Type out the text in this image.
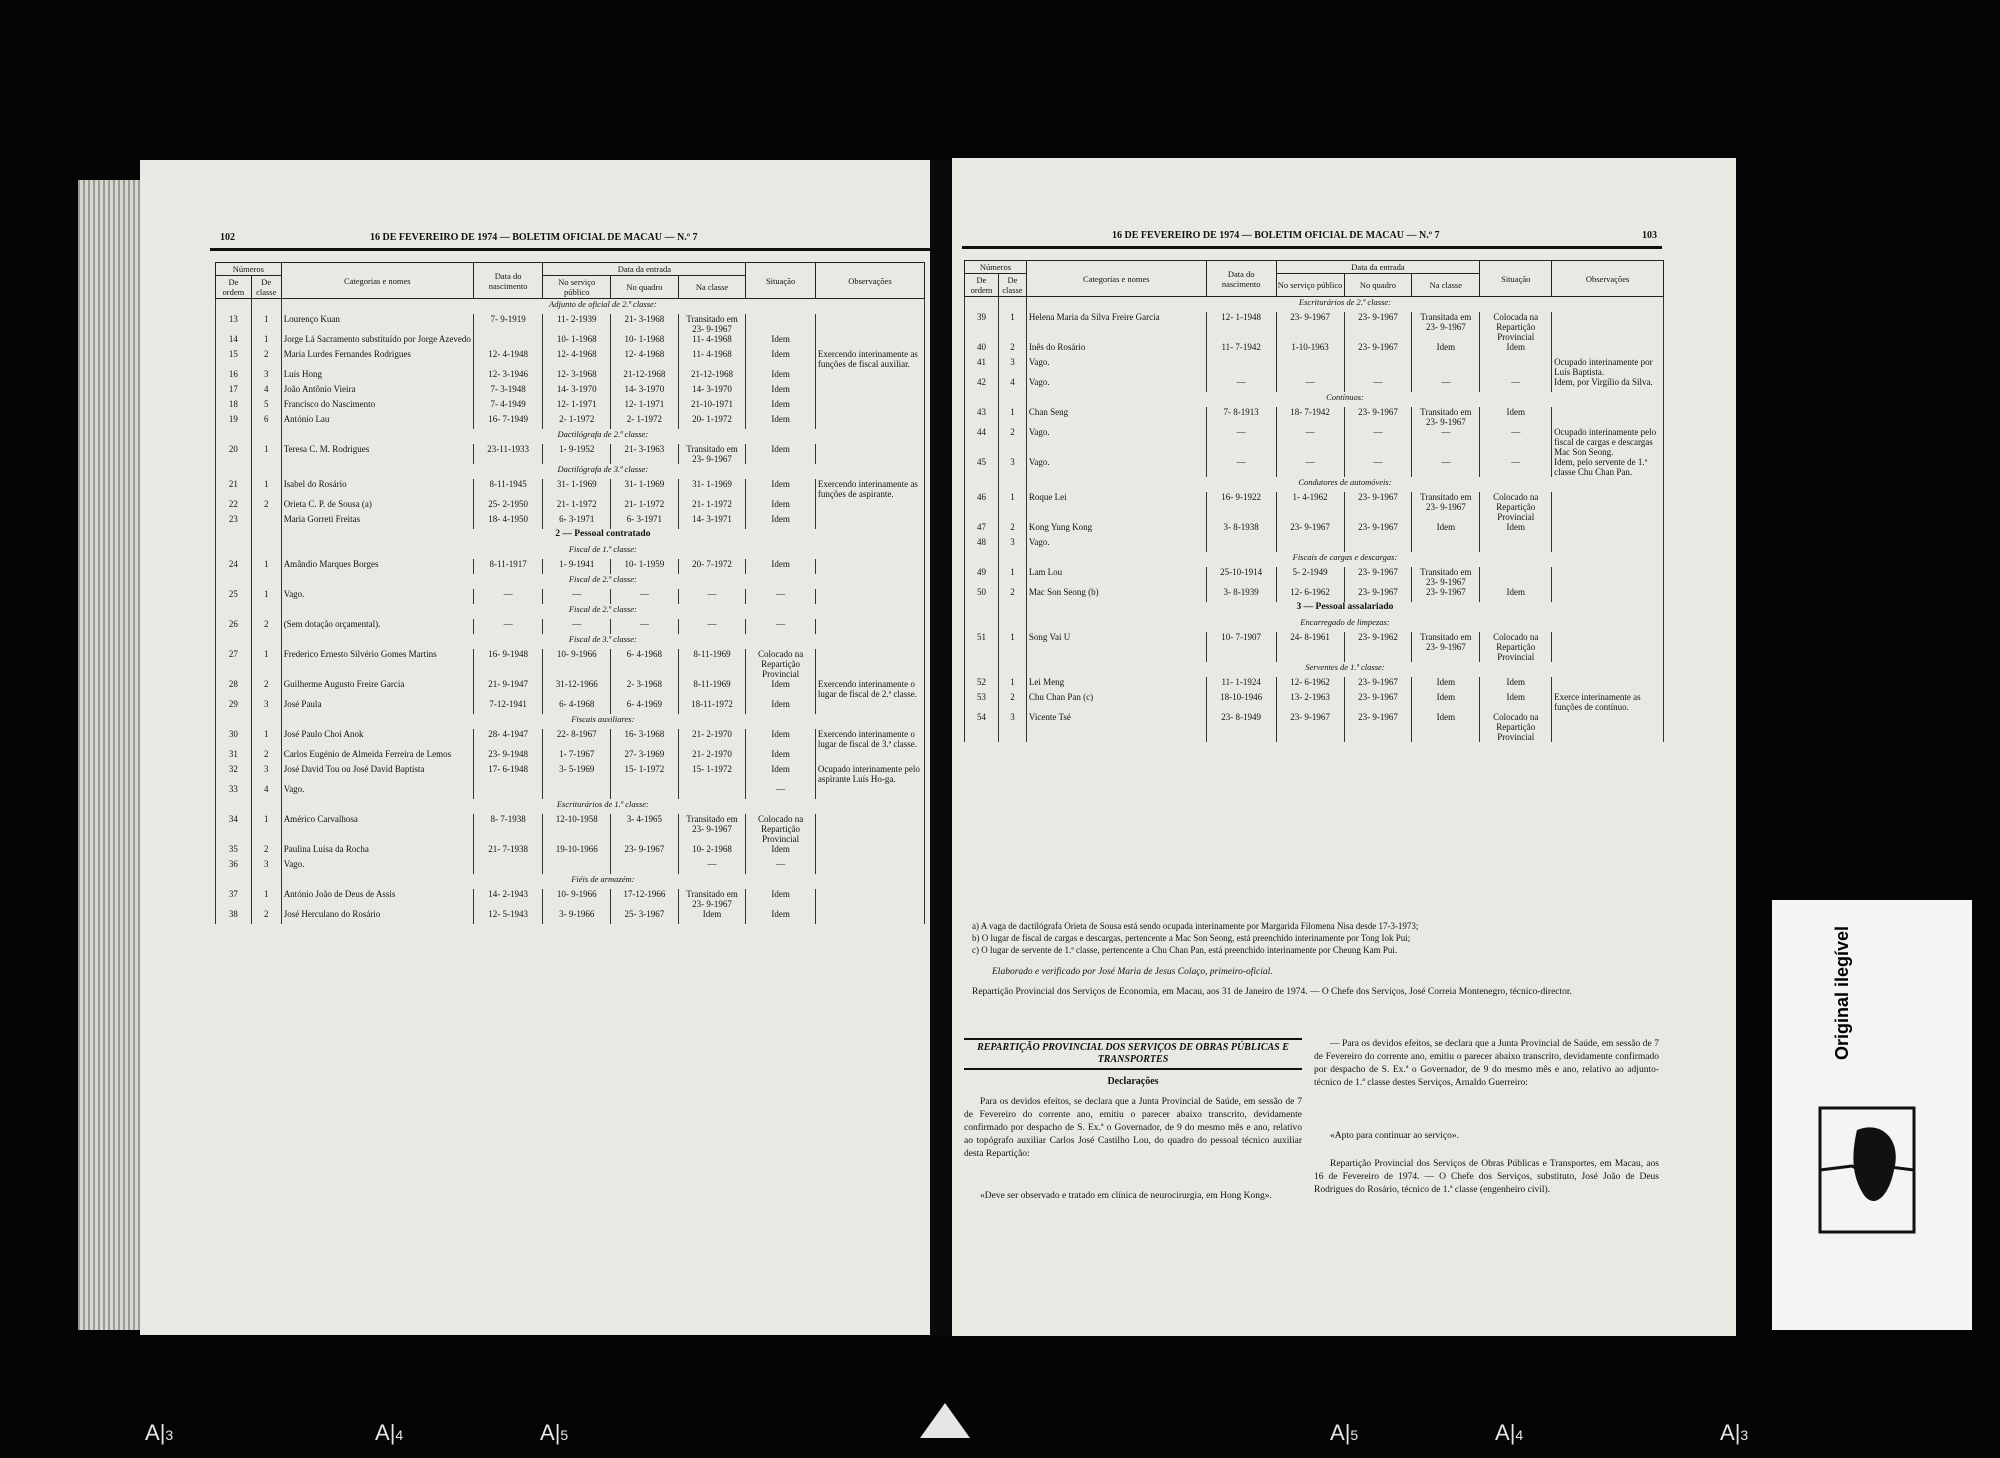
102	16 DE FEVEREIRO DE 1974 — BOLETIM OFICIAL DE MACAU — N.º 7
Números		Categorias e nomes	Data do nascimento	Data da entrada			Situação	Observações
De ordem	De classe			No serviço público	No quadro	Na classe		
		Adjunto de oficial de 2.ª classe:						
13	1	Lourenço Kuan	7- 9-1919	11- 2-1939	21- 3-1968	Transitado em 23- 9-1967		
14	1	Jorge Lá Sacramento substituído por Jorge Azevedo		10- 1-1968	10- 1-1968	11- 4-1968	Idem	
15	2	Maria Lurdes Fernandes Rodrigues	12- 4-1948	12- 4-1968	12- 4-1968	11- 4-1968	Idem	Exercendo interinamente as funções de fiscal auxiliar.
16	3	Luís Hong	12- 3-1946	12- 3-1968	21-12-1968	21-12-1968	Idem	
17	4	João Antônio Vieira	7- 3-1948	14- 3-1970	14- 3-1970	14- 3-1970	Idem	
18	5	Francisco do Nascimento	7- 4-1949	12- 1-1971	12- 1-1971	21-10-1971	Idem	
19	6	António Lau	16- 7-1949	2- 1-1972	2- 1-1972	20- 1-1972	Idem	
		Dactilógrafa de 2.ª classe:						
20	1	Teresa C. M. Rodrigues	23-11-1933	1- 9-1952	21- 3-1963	Transitado em 23- 9-1967	Idem	
		Dactilógrafa de 3.ª classe:						
21	1	Isabel do Rosário	8-11-1945	31- 1-1969	31- 1-1969	31- 1-1969	Idem	Exercendo interinamente as funções de aspirante.
22	2	Orieta C. P. de Sousa (a)	25- 2-1950	21- 1-1972	21- 1-1972	21- 1-1972	Idem	
23		Maria Gorreti Freitas	18- 4-1950	6- 3-1971	6- 3-1971	14- 3-1971	Idem	
		2 — Pessoal contratado						
		Fiscal de 1.ª classe:						
24	1	Amândio Marques Borges	8-11-1917	1- 9-1941	10- 1-1959	20- 7-1972	Idem	
		Fiscal de 2.ª classe:						
25	1	Vago.	—	—	—	—	—	
		Fiscal de 2.ª classe:						
26	2	(Sem dotação orçamental).	—	—	—	—	—	
		Fiscal de 3.ª classe:						
27	1	Frederico Ernesto Silvério Gomes Martins	16- 9-1948	10- 9-1966	6- 4-1968	8-11-1969	Colocado na Repartição Provincial	
28	2	Guilherme Augusto Freire Garcia	21- 9-1947	31-12-1966	2- 3-1968	8-11-1969	Idem	Exercendo interinamente o lugar de fiscal de 2.ª classe.
29	3	José Paula	7-12-1941	6- 4-1968	6- 4-1969	18-11-1972	Idem	
		Fiscais auxiliares:						
30	1	José Paulo Choi Anok	28- 4-1947	22- 8-1967	16- 3-1968	21- 2-1970	Idem	Exercendo interinamente o lugar de fiscal de 3.ª classe.
31	2	Carlos Eugénio de Almeida Ferreira de Lemos	23- 9-1948	1- 7-1967	27- 3-1969	21- 2-1970	Idem	
32	3	José David Tou ou José David Baptista	17- 6-1948	3- 5-1969	15- 1-1972	15- 1-1972	Idem	Ocupado interinamente pelo aspirante Luís Ho-ga.
33	4	Vago.					—	
		Escriturários de 1.ª classe:						
34	1	Américo Carvalhosa	8- 7-1938	12-10-1958	3- 4-1965	Transitado em 23- 9-1967	Colocado na Repartição Provincial	
35	2	Paulina Luísa da Rocha	21- 7-1938	19-10-1966	23- 9-1967	10- 2-1968	Idem	
36	3	Vago.				—	—	
		Fiéis de armazém:						
37	1	António João de Deus de Assis	14- 2-1943	10- 9-1966	17-12-1966	Transitado em 23- 9-1967	Idem	
38	2	José Herculano do Rosário	12- 5-1943	3- 9-1966	25- 3-1967	Idem	Idem	
16 DE FEVEREIRO DE 1974 — BOLETIM OFICIAL DE MACAU — N.º 7	103
Números		Categorias e nomes	Data do nascimento	Data da entrada			Situação	Observações
De ordem	De classe			No serviço público	No quadro	Na classe		
		Escriturários de 2.ª classe:						
39	1	Helena Maria da Silva Freire Garcia	12- 1-1948	23- 9-1967	23- 9-1967	Transitada em 23- 9-1967	Colocada na Repartição Provincial	
40	2	Inês do Rosário	11- 7-1942	1-10-1963	23- 9-1967	Idem	Idem	
41	3	Vago.						Ocupado interinamente por Luís Baptista.
42	4	Vago.	—	—	—	—	—	Idem, por Virgílio da Silva.
		Contínuos:						
43	1	Chan Seng	7- 8-1913	18- 7-1942	23- 9-1967	Transitado em 23- 9-1967	Idem	
44	2	Vago.	—	—	—	—	—	Ocupado interinamente pelo fiscal de cargas e descargas Mac Son Seong.
45	3	Vago.	—	—	—	—	—	Idem, pelo servente de 1.ª classe Chu Chan Pan.
		Condutores de automóveis:						
46	1	Roque Lei	16- 9-1922	1- 4-1962	23- 9-1967	Transitado em 23- 9-1967	Colocado na Repartição Provincial	
47	2	Kong Yung Kong	3- 8-1938	23- 9-1967	23- 9-1967	Idem	Idem	
48	3	Vago.						
		Fiscais de cargas e descargas:						
49	1	Lam Lou	25-10-1914	5- 2-1949	23- 9-1967	Transitado em 23- 9-1967		
50	2	Mac Son Seong (b)	3- 8-1939	12- 6-1962	23- 9-1967	23- 9-1967	Idem	
		3 — Pessoal assalariado						
		Encarregado de limpezas:						
51	1	Song Vai U	10- 7-1907	24- 8-1961	23- 9-1962	Transitado em 23- 9-1967	Colocado na Repartição Provincial	
		Serventes de 1.ª classe:						
52	1	Lei Meng	11- 1-1924	12- 6-1962	23- 9-1967	Idem	Idem	
53	2	Chu Chan Pan (c)	18-10-1946	13- 2-1963	23- 9-1967	Idem	Idem	Exerce interinamente as funções de contínuo.
54	3	Vicente Tsé	23- 8-1949	23- 9-1967	23- 9-1967	Idem	Colocado na Repartição Provincial	
a) A vaga de dactilógrafa Orieta de Sousa está sendo ocupada interinamente por Margarida Filomena Nisa desde 17-3-1973;
b) O lugar de fiscal de cargas e descargas, pertencente a Mac Son Seong, está preenchido interinamente por Tong Iok Pui;
c) O lugar de servente de 1.ª classe, pertencente a Chu Chan Pan, está preenchido interinamente por Cheung Kam Pui.
Elaborado e verificado por José Maria de Jesus Colaço, primeiro-oficial.
Repartição Provincial dos Serviços de Economia, em Macau, aos 31 de Janeiro de 1974. — O Chefe dos Serviços, José Correia Montenegro, técnico-director.
REPARTIÇÃO PROVINCIAL DOS SERVIÇOS DE OBRAS PÚBLICAS E TRANSPORTES
Declarações
Para os devidos efeitos, se declara que a Junta Provincial de Saúde, em sessão de 7 de Fevereiro do corrente ano, emitiu o parecer abaixo transcrito, devidamente confirmado por despacho de S. Ex.ª o Governador, de 9 do mesmo mês e ano, relativo ao topógrafo auxiliar Carlos José Castilho Lou, do quadro do pessoal técnico auxiliar desta Repartição:
«Deve ser observado e tratado em clínica de neurocirurgia, em Hong Kong».
— Para os devidos efeitos, se declara que a Junta Provincial de Saúde, em sessão de 7 de Fevereiro do corrente ano, emitiu o parecer abaixo transcrito, devidamente confirmado por despacho de S. Ex.ª o Governador, de 9 do mesmo mês e ano, relativo ao adjunto-técnico de 1.ª classe destes Serviços, Arnaldo Guerreiro:
«Apto para continuar ao serviço».
Repartição Provincial dos Serviços de Obras Públicas e Transportes, em Macau, aos 16 de Fevereiro de 1974. — O Chefe dos Serviços, substituto, José João de Deus Rodrigues do Rosário, técnico de 1.ª classe (engenheiro civil).
Original ilegível
A|3	A|4	A|5	A|5	A|4	A|3
